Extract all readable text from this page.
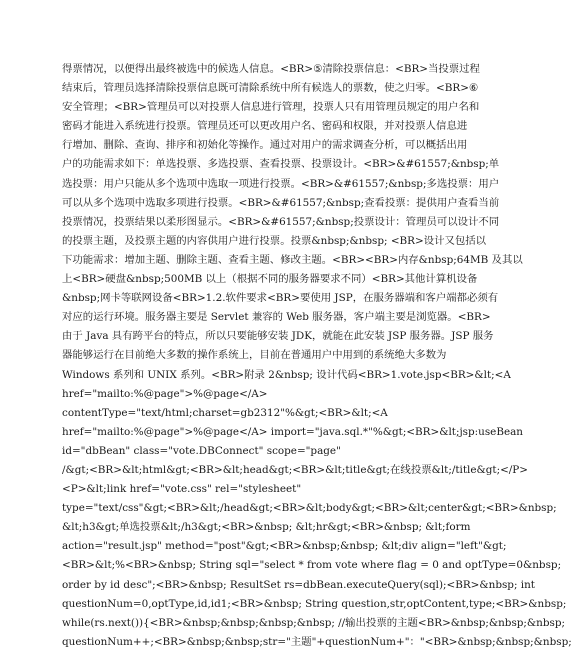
得票情况，以便得出最终被选中的候选人信息。<BR>⑤清除投票信息：<BR>当投票过程
结束后，管理员选择清除投票信息既可清除系统中所有候选人的票数，使之归零。<BR>⑥
安全管理；<BR>管理员可以对投票人信息进行管理，投票人只有用管理员规定的用户名和
密码才能进入系统进行投票。管理员还可以更改用户名、密码和权限，并对投票人信息进
行增加、删除、查询、排序和初始化等操作。通过对用户的需求调查分析，可以概括出用
户的功能需求如下：单选投票、多选投票、查看投票、投票设计。<BR>&#61557;&nbsp;单
选投票：用户只能从多个选项中选取一项进行投票。<BR>&#61557;&nbsp;多选投票：用户
可以从多个选项中选取多项进行投票。<BR>&#61557;&nbsp;查看投票：提供用户查看当前
投票情况，投票结果以柔形图显示。<BR>&#61557;&nbsp;投票设计：管理员可以设计不同
的投票主题，及投票主题的内容供用户进行投票。投票&nbsp;&nbsp; <BR>设计又包括以
下功能需求：增加主题、删除主题、查看主题、修改主题。<BR><BR>内存&nbsp;64MB 及其以
上<BR>硬盘&nbsp;500MB 以上（根据不同的服务器要求不同）<BR>其他计算机设备
&nbsp;网卡等联网设备<BR>1.2.软件要求<BR>要使用 JSP，在服务器端和客户端都必须有
对应的运行环境。服务器主要是 Servlet 兼容的 Web 服务器，客户端主要是浏览器。<BR>
由于 Java 具有跨平台的特点，所以只要能够安装 JDK，就能在此安装 JSP 服务器。JSP 服务
器能够运行在目前绝大多数的操作系统上，目前在普通用户中用到的系统绝大多数为
Windows 系列和 UNIX 系列。<BR>附录 2&nbsp; 设计代码<BR>1.vote.jsp<BR>&lt;<A
href="mailto:%@page">%@page</A>
contentType="text/html;charset=gb2312"%&gt;<BR>&lt;<A
href="mailto:%@page">%@page</A> import="java.sql.*"%&gt;<BR>&lt;jsp:useBean
id="dbBean" class="vote.DBConnect" scope="page"
/&gt;<BR>&lt;html&gt;<BR>&lt;head&gt;<BR>&lt;title&gt;在线投票&lt;/title&gt;</P>
<P>&lt;link href="vote.css" rel="stylesheet"
type="text/css"&gt;<BR>&lt;/head&gt;<BR>&lt;body&gt;<BR>&lt;center&gt;<BR>&nbsp;
&lt;h3&gt;单选投票&lt;/h3&gt;<BR>&nbsp; &lt;hr&gt;<BR>&nbsp; &lt;form
action="result.jsp" method="post"&gt;<BR>&nbsp;&nbsp; &lt;div align="left"&gt;
<BR>&lt;%<BR>&nbsp; String sql="select * from vote where flag = 0 and optType=0&nbsp;
order by id desc";<BR>&nbsp; ResultSet rs=dbBean.executeQuery(sql);<BR>&nbsp; int
questionNum=0,optType,id,id1;<BR>&nbsp; String question,str,optContent,type;<BR>&nbsp;
while(rs.next()){<BR>&nbsp;&nbsp;&nbsp;&nbsp; //输出投票的主题<BR>&nbsp;&nbsp;&nbsp;
questionNum++;<BR>&nbsp;&nbsp;str="主题"+questionNum+"："<BR>&nbsp;&nbsp;&nbsp;
